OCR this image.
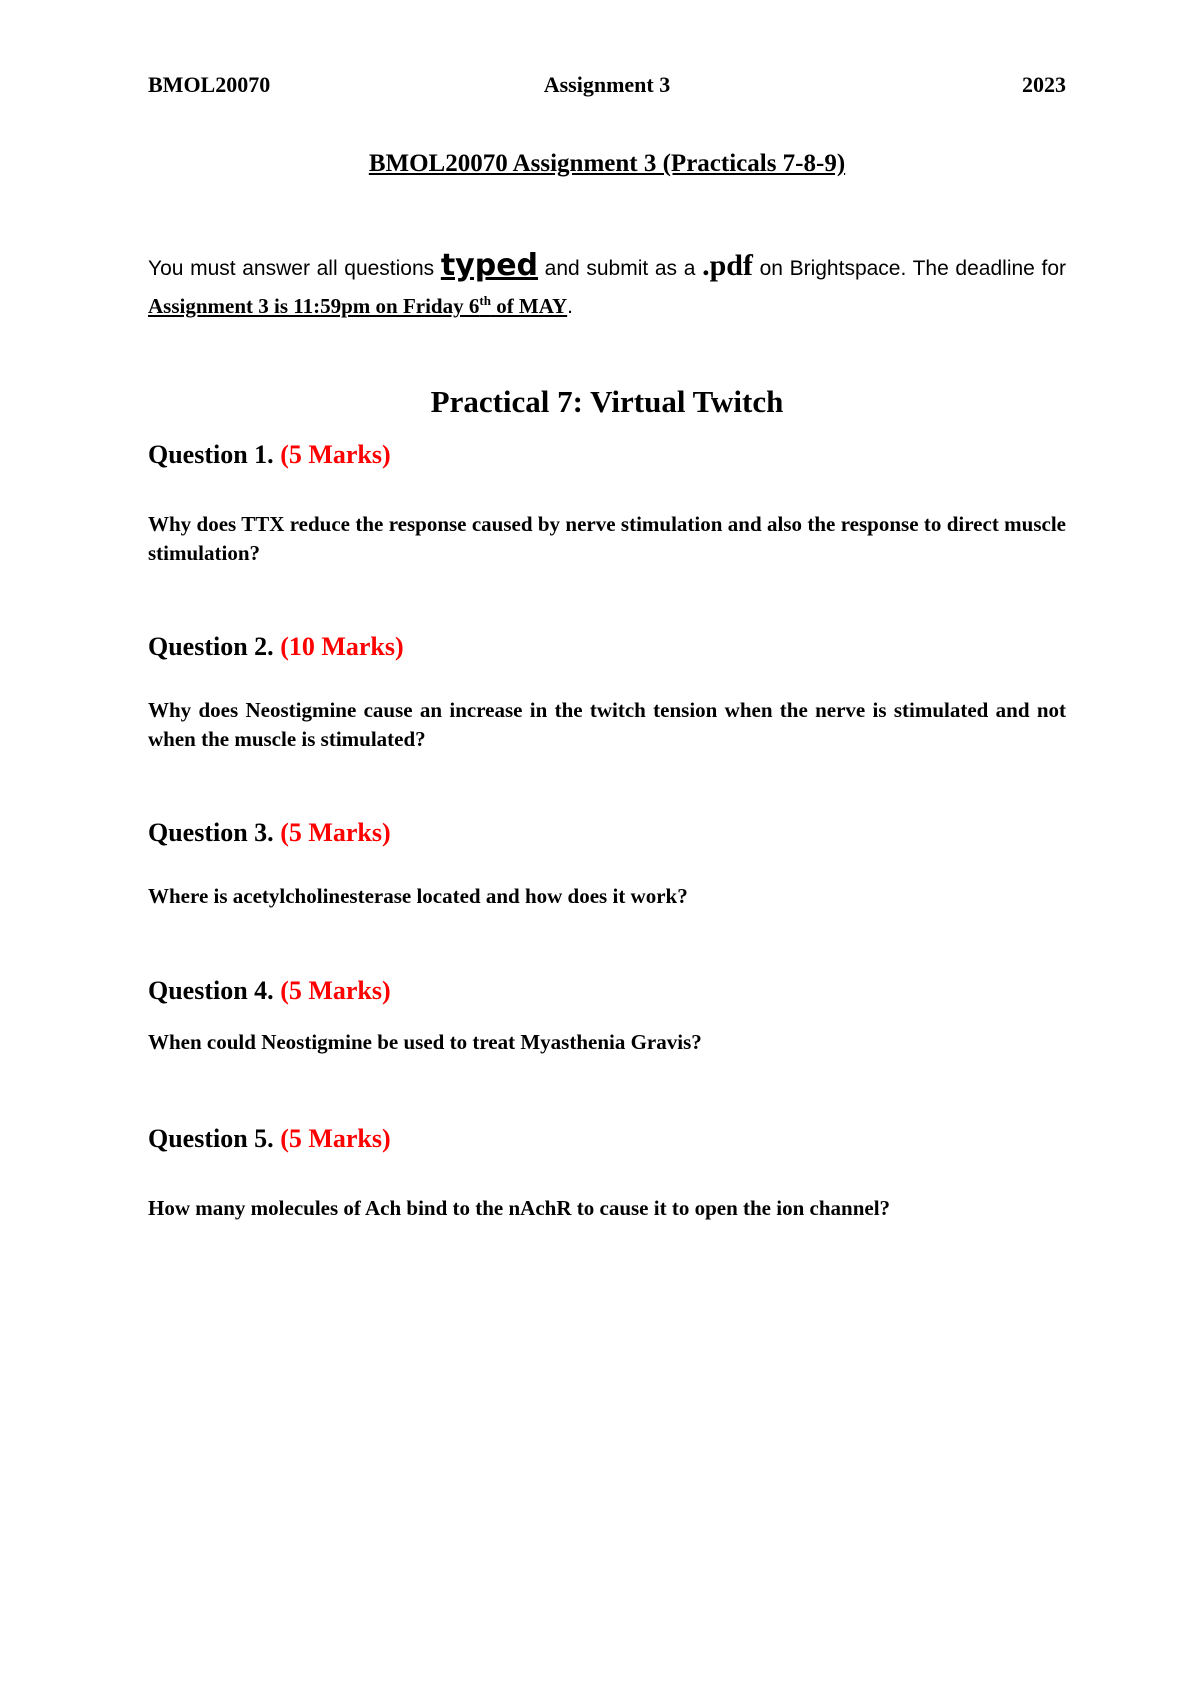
BMOL20070	Assignment 3	2023
BMOL20070 Assignment 3 (Practicals 7-8-9)
You must answer all questions typed and submit as a .pdf on Brightspace. The deadline for Assignment 3 is 11:59pm on Friday 6th of MAY.
Practical 7: Virtual Twitch
Question 1. (5 Marks)
Why does TTX reduce the response caused by nerve stimulation and also the response to direct muscle stimulation?
Question 2. (10 Marks)
Why does Neostigmine cause an increase in the twitch tension when the nerve is stimulated and not when the muscle is stimulated?
Question 3. (5 Marks)
Where is acetylcholinesterase located and how does it work?
Question 4. (5 Marks)
When could Neostigmine be used to treat Myasthenia Gravis?
Question 5. (5 Marks)
How many molecules of Ach bind to the nAchR to cause it to open the ion channel?
